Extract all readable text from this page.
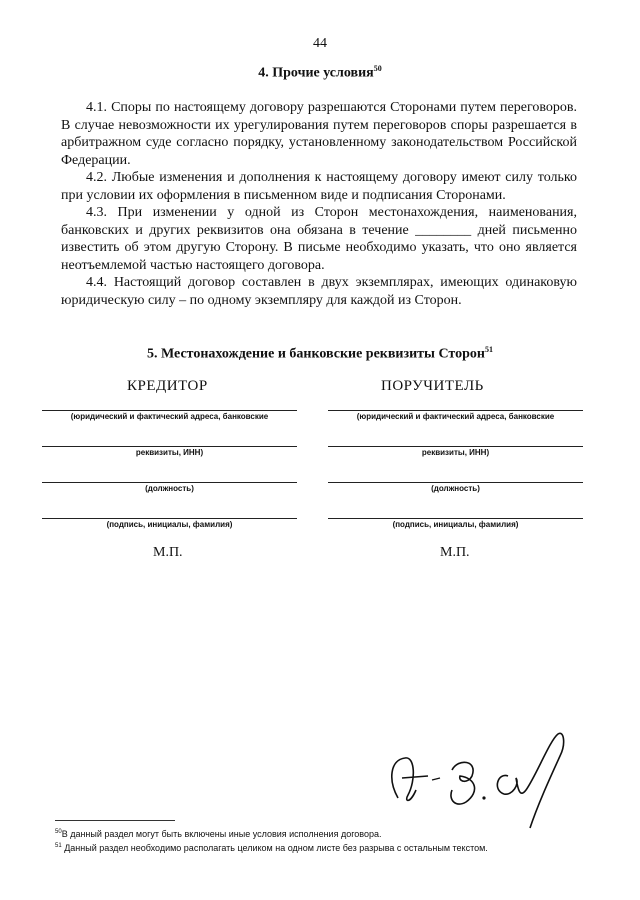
44
4. Прочие условия$^{50}$

4.1. Споры по настоящему договору разрешаются Сторонами путем переговоров. В случае невозможности их урегулирования путем переговоров споры разрешается в арбитражном суде согласно порядку, установленному законодательством Российской Федерации.

4.2. Любые изменения и дополнения к настоящему договору имеют силу только при условии их оформления в письменном виде и подписания Сторонами.

4.3. При изменении у одной из Сторон местонахождения, наименования, банковских и других реквизитов она обязана в течение ________ дней письменно известить об этом другую Сторону. В письме необходимо указать, что оно является неотъемлемой частью настоящего договора.

4.4. Настоящий договор составлен в двух экземплярах, имеющих одинаковую юридическую силу – по одному экземпляру для каждой из Сторон.

5. Местонахождение и банковские реквизиты Сторон$^{51}$
КРЕДИТОР	ПОРУЧИТЕЛЬ
(юридический и фактический адреса, банковские
реквизиты, ИНН)
(должность)
(подпись, инициалы, фамилия)
(юридический и фактический адреса, банковские
реквизиты, ИНН)
(должность)
(подпись, инициалы, фамилия)
М.П.	М.П.
$^{50}$В данный раздел могут быть включены иные условия исполнения договора.
$^{51}$ Данный раздел необходимо располагать целиком на одном листе без разрыва с остальным текстом.
